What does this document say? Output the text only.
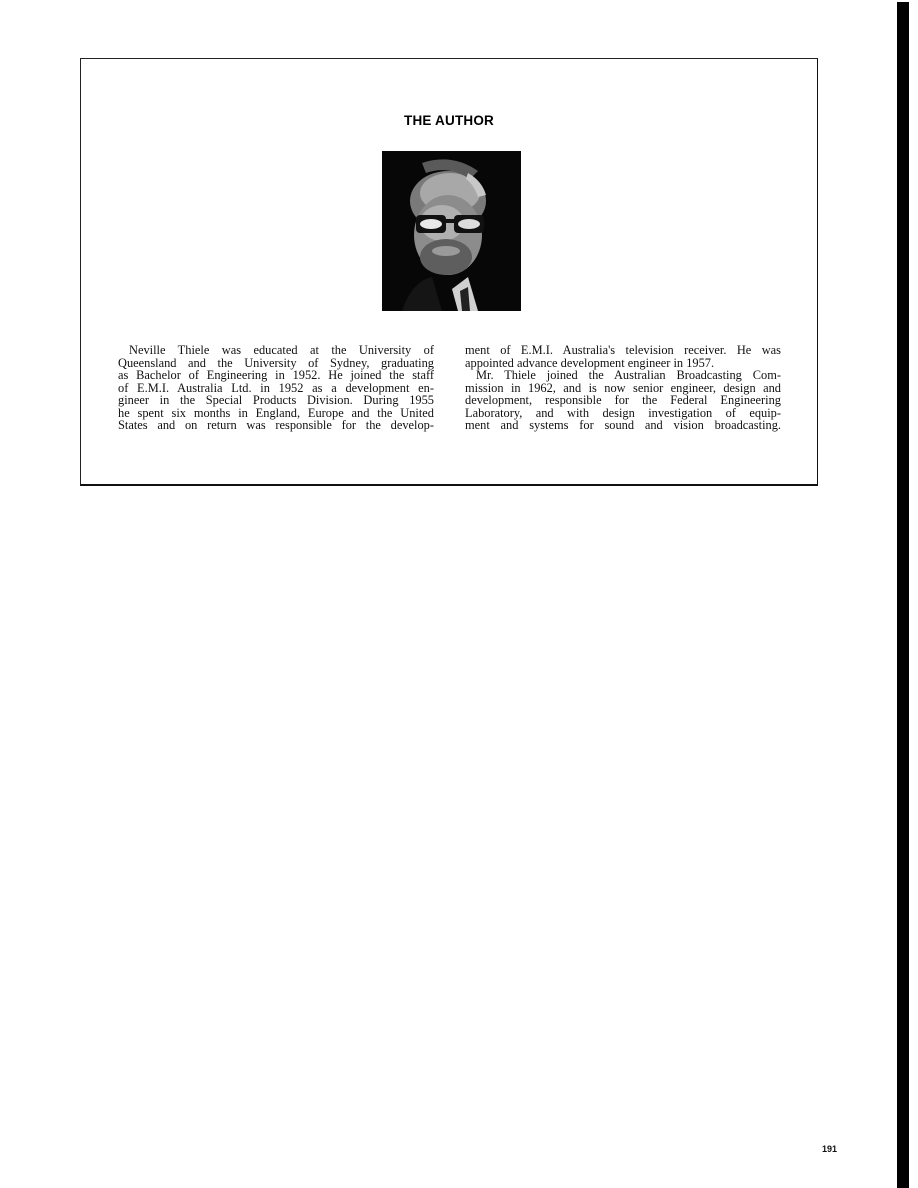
THE AUTHOR
Neville Thiele was educated at the University of
Queensland and the University of Sydney, graduating
as Bachelor of Engineering in 1952. He joined the staff
of E.M.I. Australia Ltd. in 1952 as a development en-
gineer in the Special Products Division. During 1955
he spent six months in England, Europe and the United
States and on return was responsible for the develop-
ment of E.M.I. Australia's television receiver. He was
appointed advance development engineer in 1957.
Mr. Thiele joined the Australian Broadcasting Com-
mission in 1962, and is now senior engineer, design and
development, responsible for the Federal Engineering
Laboratory, and with design investigation of equip-
ment and systems for sound and vision broadcasting.
191
